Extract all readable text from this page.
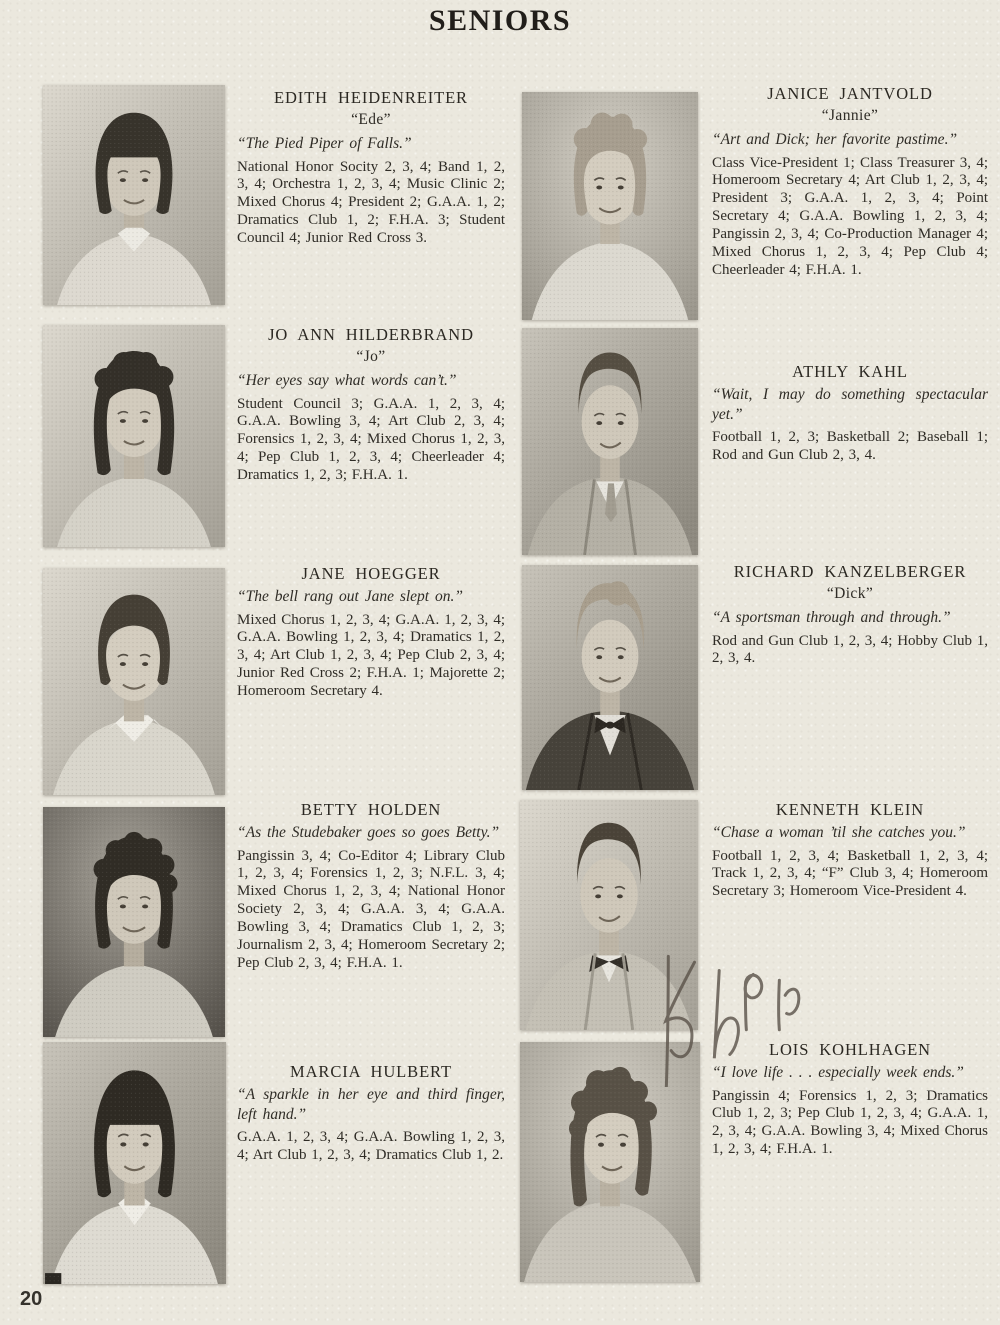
SENIORS

EDITH HEIDENREITER

“Ede”

“The Pied Piper of Falls.”

National Honor Socity 2, 3, 4; Band 1, 2, 3, 4; Orchestra 1, 2, 3, 4; Music Clinic 2; Mixed Chorus 4; President 2; G.A.A. 1, 2; Dramatics Club 1, 2; F.H.A. 3; Student Council 4; Junior Red Cross 3.

JO ANN HILDERBRAND

“Jo”

“Her eyes say what words can’t.”

Student Council 3; G.A.A. 1, 2, 3, 4; G.A.A. Bowling 3, 4; Art Club 2, 3, 4; Forensics 1, 2, 3, 4; Mixed Chorus 1, 2, 3, 4; Pep Club 1, 2, 3, 4; Cheerleader 4; Dramatics 1, 2, 3; F.H.A. 1.

JANE HOEGGER

“The bell rang out Jane slept on.”

Mixed Chorus 1, 2, 3, 4; G.A.A. 1, 2, 3, 4; G.A.A. Bowling 1, 2, 3, 4; Dramatics 1, 2, 3, 4; Art Club 1, 2, 3, 4; Pep Club 2, 3, 4; Junior Red Cross 2; F.H.A. 1; Majorette 2; Homeroom Secretary 4.

BETTY HOLDEN

“As the Studebaker goes so goes Betty.”

Pangissin 3, 4; Co-Editor 4; Library Club 1, 2, 3, 4; Forensics 1, 2, 3; N.F.L. 3, 4; Mixed Chorus 1, 2, 3, 4; National Honor Society 2, 3, 4; G.A.A. 3, 4; G.A.A. Bowling 3, 4; Dramatics Club 1, 2, 3; Journalism 2, 3, 4; Homeroom Secretary 2; Pep Club 2, 3, 4; F.H.A. 1.

MARCIA HULBERT

“A sparkle in her eye and third finger, left hand.”

G.A.A. 1, 2, 3, 4; G.A.A. Bowling 1, 2, 3, 4; Art Club 1, 2, 3, 4; Dramatics Club 1, 2.

JANICE JANTVOLD

“Jannie”

“Art and Dick; her favorite pastime.”

Class Vice-President 1; Class Treasurer 3, 4; Homeroom Secretary 4; Art Club 1, 2, 3, 4; President 3; G.A.A. 1, 2, 3, 4; Point Secretary 4; G.A.A. Bowling 1, 2, 3, 4; Pangissin 2, 3, 4; Co-Production Manager 4; Mixed Chorus 1, 2, 3, 4; Pep Club 4; Cheerleader 4; F.H.A. 1.

ATHLY KAHL

“Wait, I may do something spectacular yet.”

Football 1, 2, 3; Basketball 2; Baseball 1; Rod and Gun Club 2, 3, 4.

RICHARD KANZELBERGER

“Dick”

“A sportsman through and through.”

Rod and Gun Club 1, 2, 3, 4; Hobby Club 1, 2, 3, 4.

KENNETH KLEIN

“Chase a woman ’til she catches you.”

Football 1, 2, 3, 4; Basketball 1, 2, 3, 4; Track 1, 2, 3, 4; “F” Club 3, 4; Homeroom Secretary 3; Homeroom Vice-President 4.

LOIS KOHLHAGEN

“I love life . . . especially week ends.”

Pangissin 4; Forensics 1, 2, 3; Dramatics Club 1, 2, 3; Pep Club 1, 2, 3, 4; G.A.A. 1, 2, 3, 4; G.A.A. Bowling 3, 4; Mixed Chorus 1, 2, 3, 4; F.H.A. 1.

20
